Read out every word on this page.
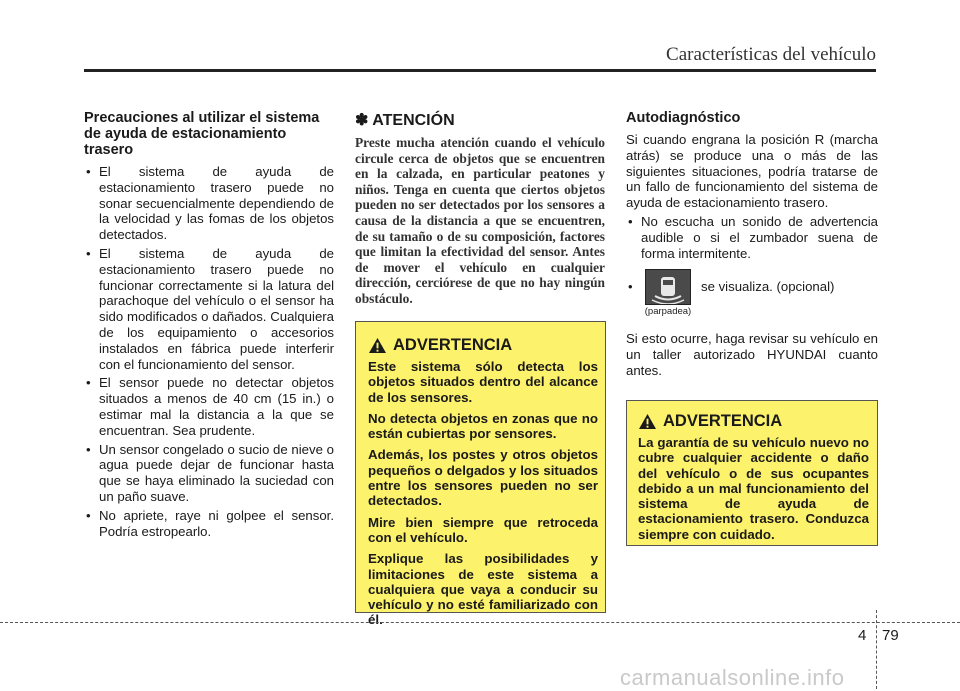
Características del vehículo
Precauciones al utilizar el sistema de ayuda de estacionamiento trasero
• El sistema de ayuda de estacionamiento trasero puede no sonar secuencialmente dependiendo de la velocidad y las fomas de los objetos detectados.
• El sistema de ayuda de estacionamiento trasero puede no funcionar correctamente si la latura del parachoque del vehículo o el sensor ha sido modificados o dañados. Cualquiera de los equipamiento o accesorios instalados en fábrica puede interferir con el funcionamiento del sensor.
• El sensor puede no detectar objetos situados a menos de 40 cm (15 in.) o estimar mal la distancia a la que se encuentran. Sea prudente.
• Un sensor congelado o sucio de nieve o agua puede dejar de funcionar hasta que se haya eliminado la suciedad con un paño suave.
• No apriete, raye ni golpee el sensor. Podría estropearlo.
✽ ATENCIÓN
Preste mucha atención cuando el vehículo circule cerca de objetos que se encuentren en la calzada, en particular peatones y niños. Tenga en cuenta que ciertos objetos pueden no ser detectados por los sensores a causa de la distancia a que se encuentren, de su tamaño o de su composición, factores que limitan la efectividad del sensor. Antes de mover el vehículo en cualquier dirección, cerciórese de que no hay ningún obstáculo.
ADVERTENCIA

Este sistema sólo detecta los objetos situados dentro del alcance de los sensores.

No detecta objetos en zonas que no están cubiertas por sensores.

Además, los postes y otros objetos pequeños o delgados y los situados entre los sensores pueden no ser detectados.

Mire bien siempre que retroceda con el vehículo.

Explique las posibilidades y limitaciones de este sistema a cualquiera que vaya a conducir su vehículo y no esté familiarizado con él.

Autodiagnóstico
Si cuando engrana la posición R (marcha atrás) se produce una o más de las siguientes situaciones, podría tratarse de un fallo de funcionamiento del sistema de ayuda de estacionamiento trasero.
• No escucha un sonido de advertencia audible o si el zumbador suena de forma intermitente.
•
(parpadea)
se visualiza. (opcional)
Si esto ocurre, haga revisar su vehículo en un taller autorizado HYUNDAI cuanto antes.
ADVERTENCIA

La garantía de su vehículo nuevo no cubre cualquier accidente o daño del vehículo o de sus ocupantes debido a un mal funcionamiento del sistema de ayuda de estacionamiento trasero. Conduzca siempre con cuidado.

4 79
carmanualsonline.info
